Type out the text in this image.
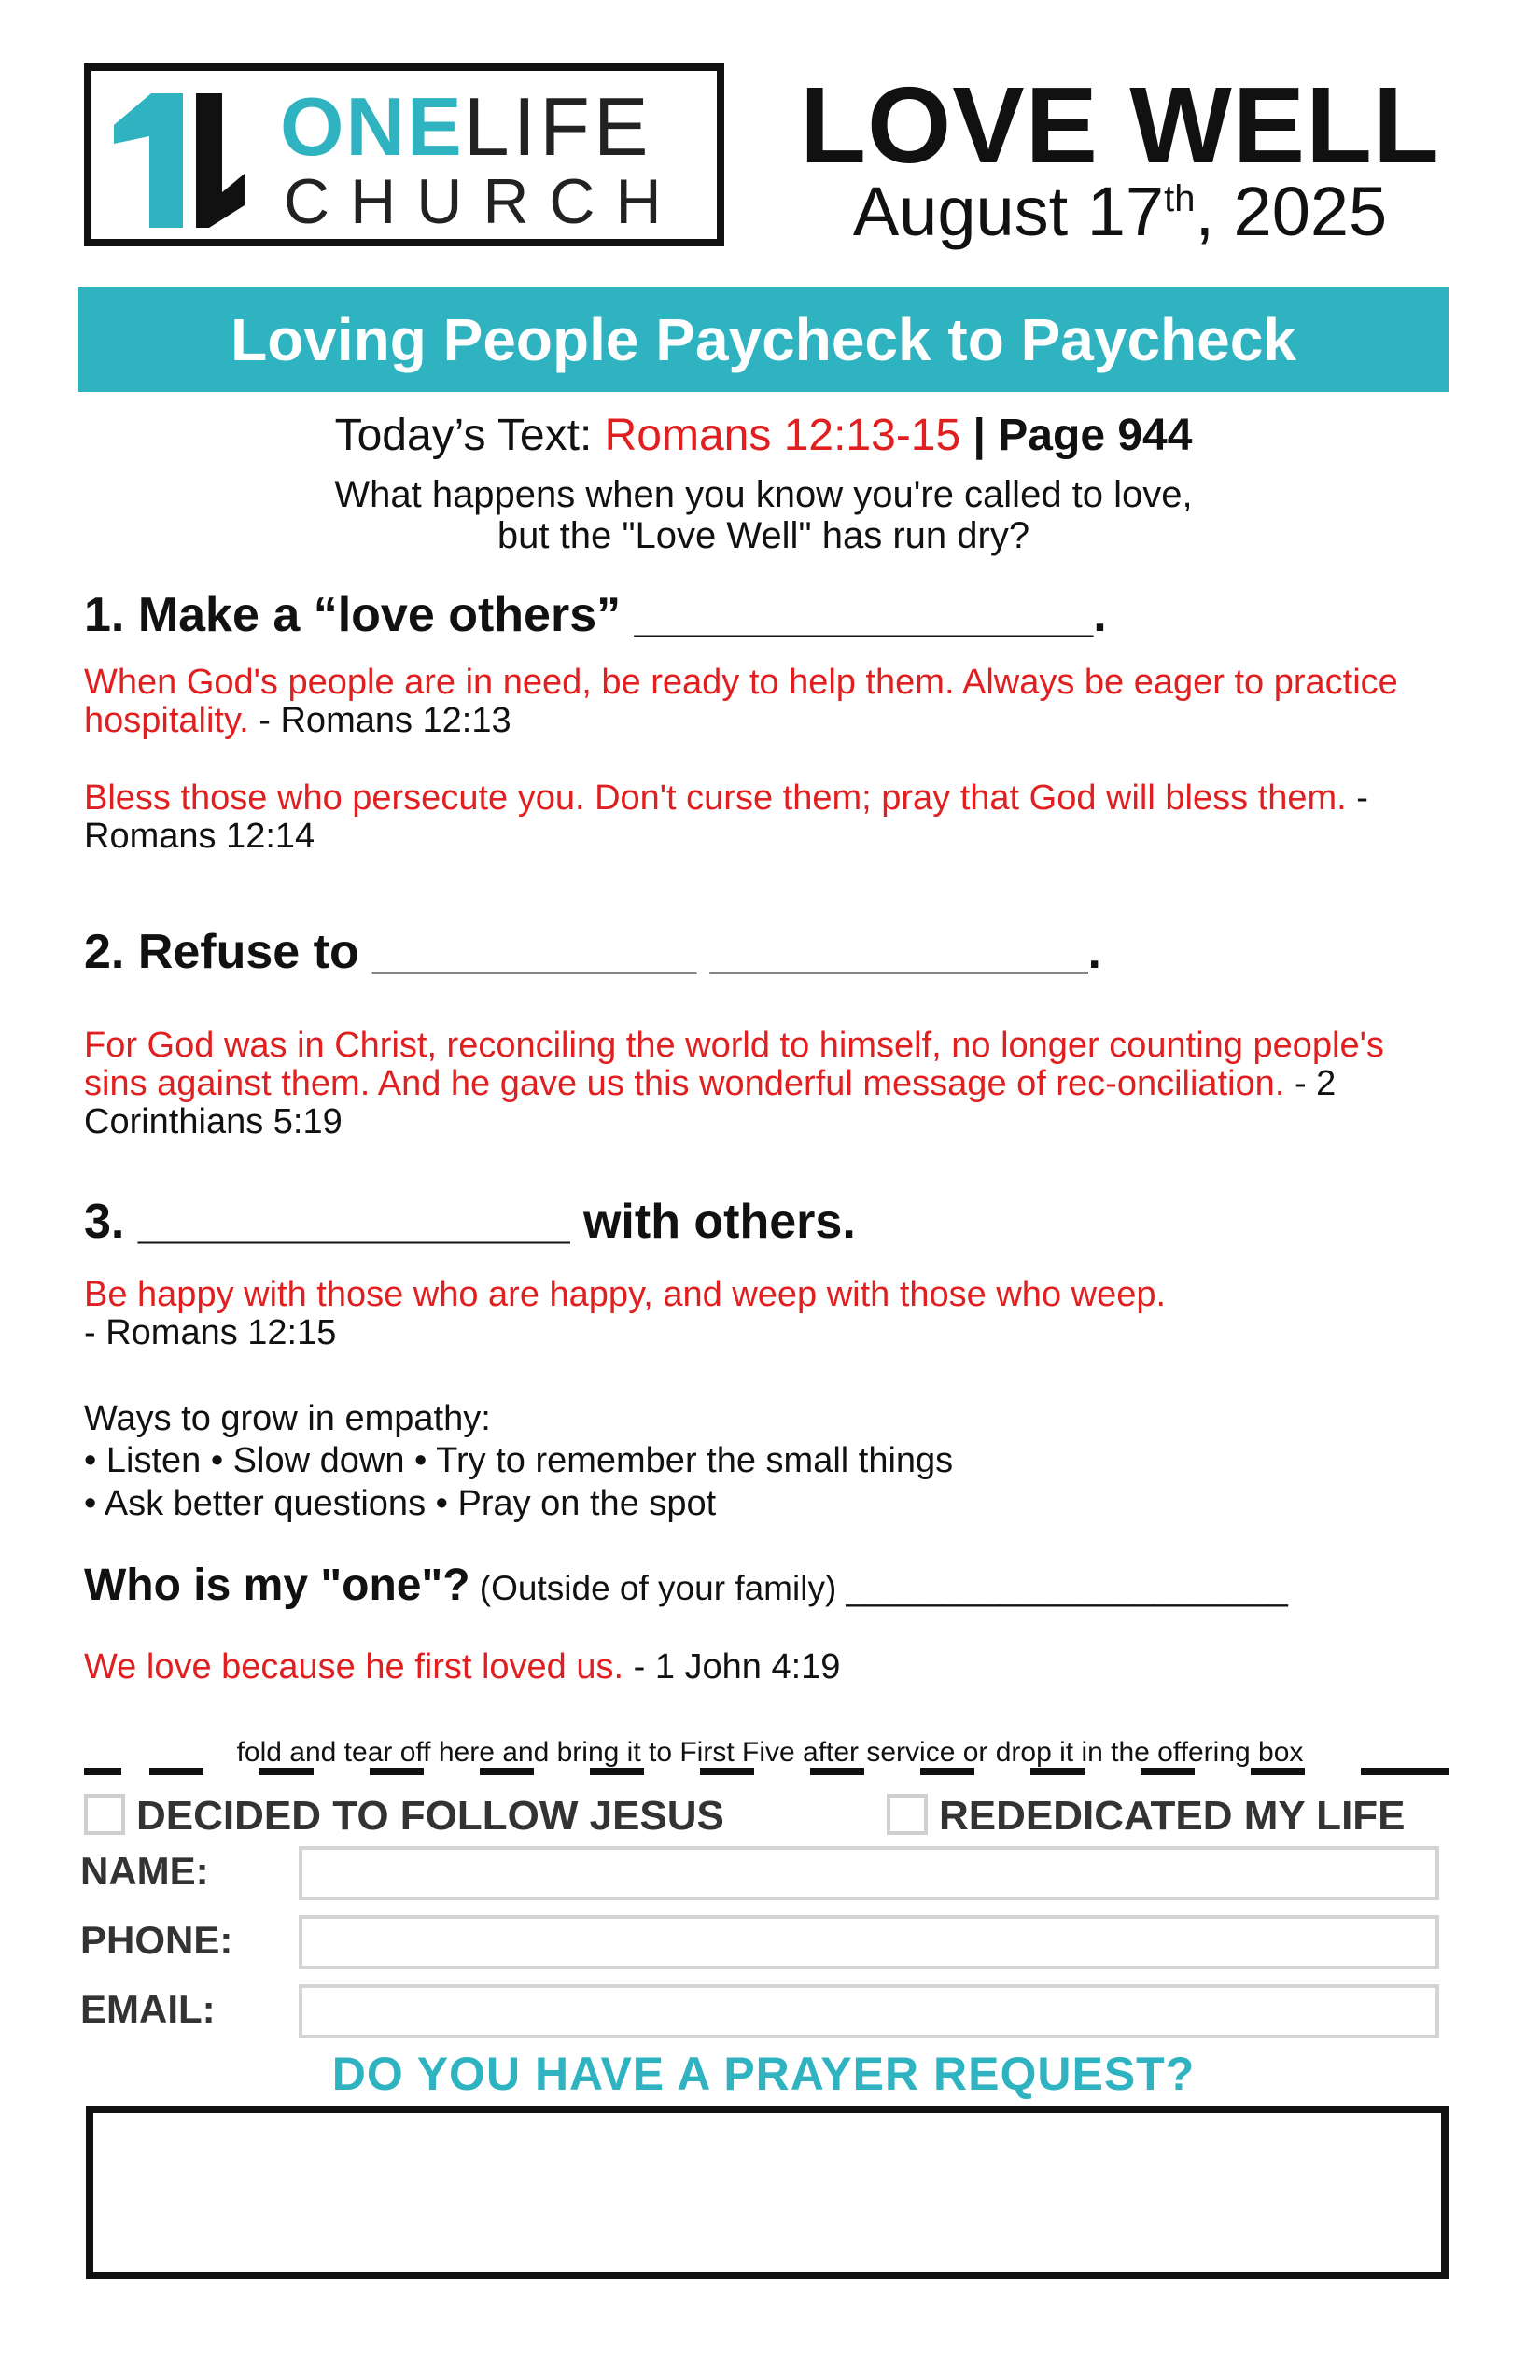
ONELIFE
CHURCH
LOVE WELL
August 17th, 2025
Loving People Paycheck to Paycheck
Today’s Text: Romans 12:13-15 | Page 944
What happens when you know you're called to love,
but the "Love Well" has run dry?
1. Make a “love others” _________________.
When God's people are in need, be ready to help them. Always be eager to practice hospitality. - Romans 12:13
Bless those who persecute you. Don't curse them; pray that God will bless them. - Romans 12:14
2. Refuse to ____________ ______________.
For God was in Christ, reconciling the world to himself, no longer counting people's sins against them. And he gave us this wonderful message of rec-onciliation. - 2 Corinthians 5:19
3. ________________ with others.
Be happy with those who are happy, and weep with those who weep.
- Romans 12:15
Ways to grow in empathy:
• Listen • Slow down • Try to remember the small things
• Ask better questions • Pray on the spot
Who is my "one"? (Outside of your family) _______________________
We love because he first loved us. - 1 John 4:19
fold and tear off here and bring it to First Five after service or drop it in the offering box
DECIDED TO FOLLOW JESUS	REDEDICATED MY LIFE
NAME:
PHONE:
EMAIL:
DO YOU HAVE A PRAYER REQUEST?
